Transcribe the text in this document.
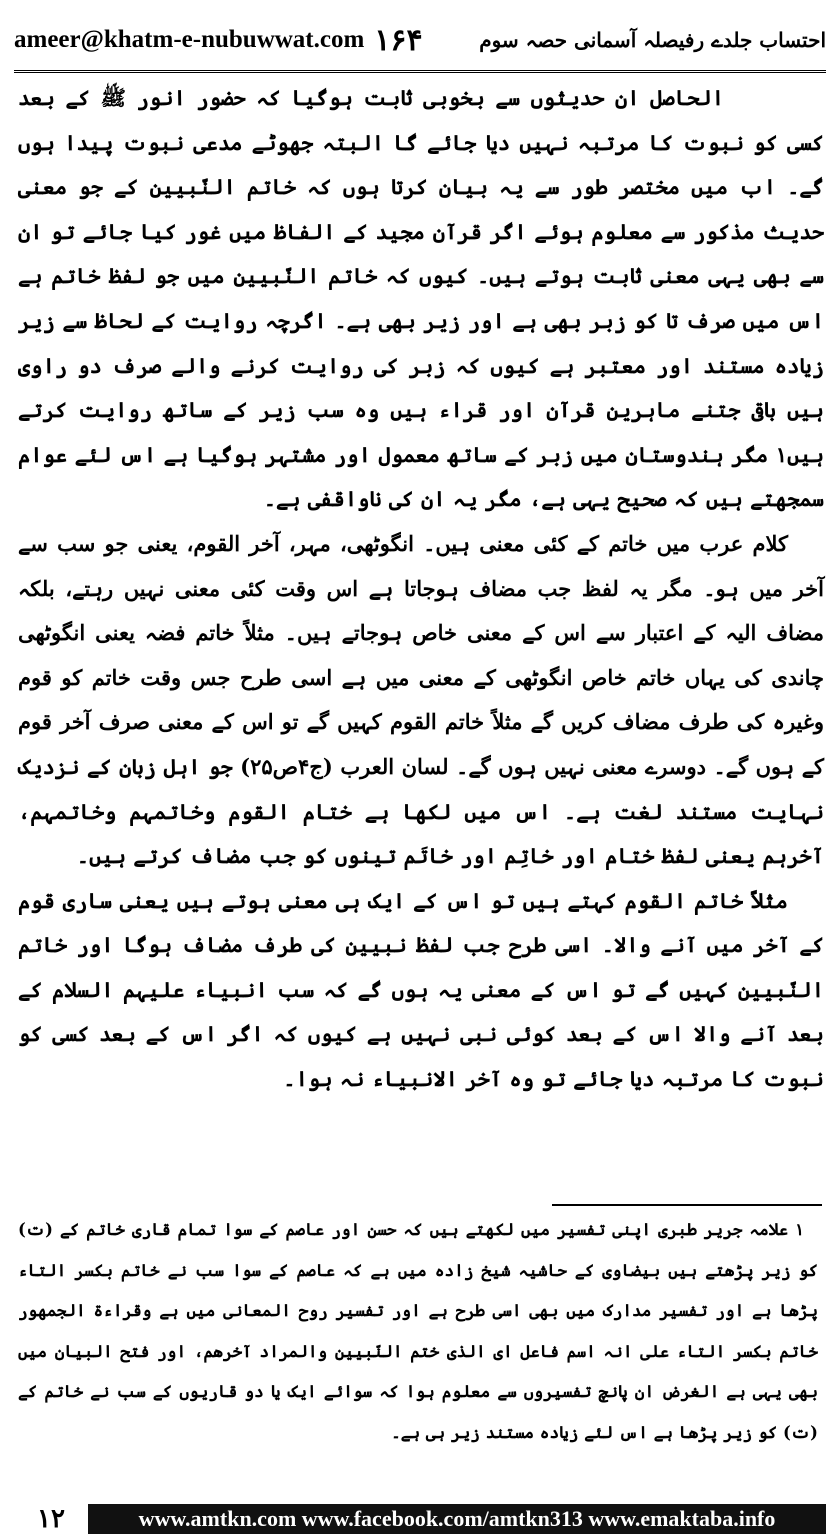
ameer@khatm-e-nubuwwat.com ۱۶۴	احتساب جلدے رفیصلہ آسمانی حصہ سوم

الحاصل ان حدیثوں سے بخوبی ثابت ہوگیا کہ حضور انور ﷺ کے بعد کسی کو نبوت کا مرتبہ نہیں دیا جائے گا البتہ جھوٹے مدعی نبوت پیدا ہوں گے۔ اب میں مختصر طور سے یہ بیان کرتا ہوں کہ خاتم النّبیین کے جو معنی حدیث مذکور سے معلوم ہوئے اگر قرآن مجید کے الفاظ میں غور کیا جائے تو ان سے بھی یہی معنی ثابت ہوتے ہیں۔ کیوں کہ خاتم النّبیین میں جو لفظ خاتم ہے اس میں صرف تا کو زبر بھی ہے اور زیر بھی ہے۔ اگرچہ روایت کے لحاظ سے زیر زیادہ مستند اور معتبر ہے کیوں کہ زبر کی روایت کرنے والے صرف دو راوی ہیں باقی جتنے ماہرین قرآن اور قراء ہیں وہ سب زیر کے ساتھ روایت کرتے ہیں۱ مگر ہندوستان میں زبر کے ساتھ معمول اور مشتہر ہوگیا ہے اس لئے عوام سمجھتے ہیں کہ صحیح یہی ہے، مگر یہ ان کی ناواقفی ہے۔

کلام عرب میں خاتم کے کئی معنی ہیں۔ انگوٹھی، مہر، آخر القوم، یعنی جو سب سے آخر میں ہو۔ مگر یہ لفظ جب مضاف ہوجاتا ہے اس وقت کئی معنی نہیں رہتے، بلکہ مضاف الیہ کے اعتبار سے اس کے معنی خاص ہوجاتے ہیں۔ مثلاً خاتم فضہ یعنی انگوٹھی چاندی کی یہاں خاتم خاص انگوٹھی کے معنی میں ہے اسی طرح جس وقت خاتم کو قوم وغیرہ کی طرف مضاف کریں گے مثلاً خاتم القوم کہیں گے تو اس کے معنی صرف آخر قوم کے ہوں گے۔ دوسرے معنی نہیں ہوں گے۔ لسان العرب (ج۴ص۲۵) جو اہل زبان کے نزدیک نہایت مستند لغت ہے۔ اس میں لکھا ہے ختام القوم وخاتمہم وخاتمہم، آخرہم یعنی لفظ ختام اور خاتِم اور خاتَم تینوں کو جب مضاف کرتے ہیں۔

مثلاً خاتم القوم کہتے ہیں تو اس کے ایک ہی معنی ہوتے ہیں یعنی ساری قوم کے آخر میں آنے والا۔ اسی طرح جب لفظ نبیین کی طرف مضاف ہوگا اور خاتم النّبیین کہیں گے تو اس کے معنی یہ ہوں گے کہ سب انبیاء علیہم السلام کے بعد آنے والا اس کے بعد کوئی نبی نہیں ہے کیوں کہ اگر اس کے بعد کسی کو نبوت کا مرتبہ دیا جائے تو وہ آخر الانبیاء نہ ہوا۔

۱ علامہ جریر طبری اپنی تفسیر میں لکھتے ہیں کہ حسن اور عاصم کے سوا تمام قاری خاتم کے (ت) کو زیر پڑھتے ہیں بیضاوی کے حاشیہ شیخ زادہ میں ہے کہ عاصم کے سوا سب نے خاتم بکسر التاء پڑھا ہے اور تفسیر مدارک میں بھی اسی طرح ہے اور تفسیر روح المعانی میں ہے وقراءۃ الجمھور خاتم بکسر التاء علی انہ اسم فاعل ای الذی ختم النّبیین والمراد آخرھم، اور فتح البیان میں بھی یہی ہے الغرض ان پانچ تفسیروں سے معلوم ہوا کہ سوائے ایک یا دو قاریوں کے سب نے خاتم کے (ت) کو زیر پڑھا ہے اس لئے زیادہ مستند زیر ہی ہے۔

۱۲	www.amtkn.com www.facebook.com/amtkn313 www.emaktaba.info
